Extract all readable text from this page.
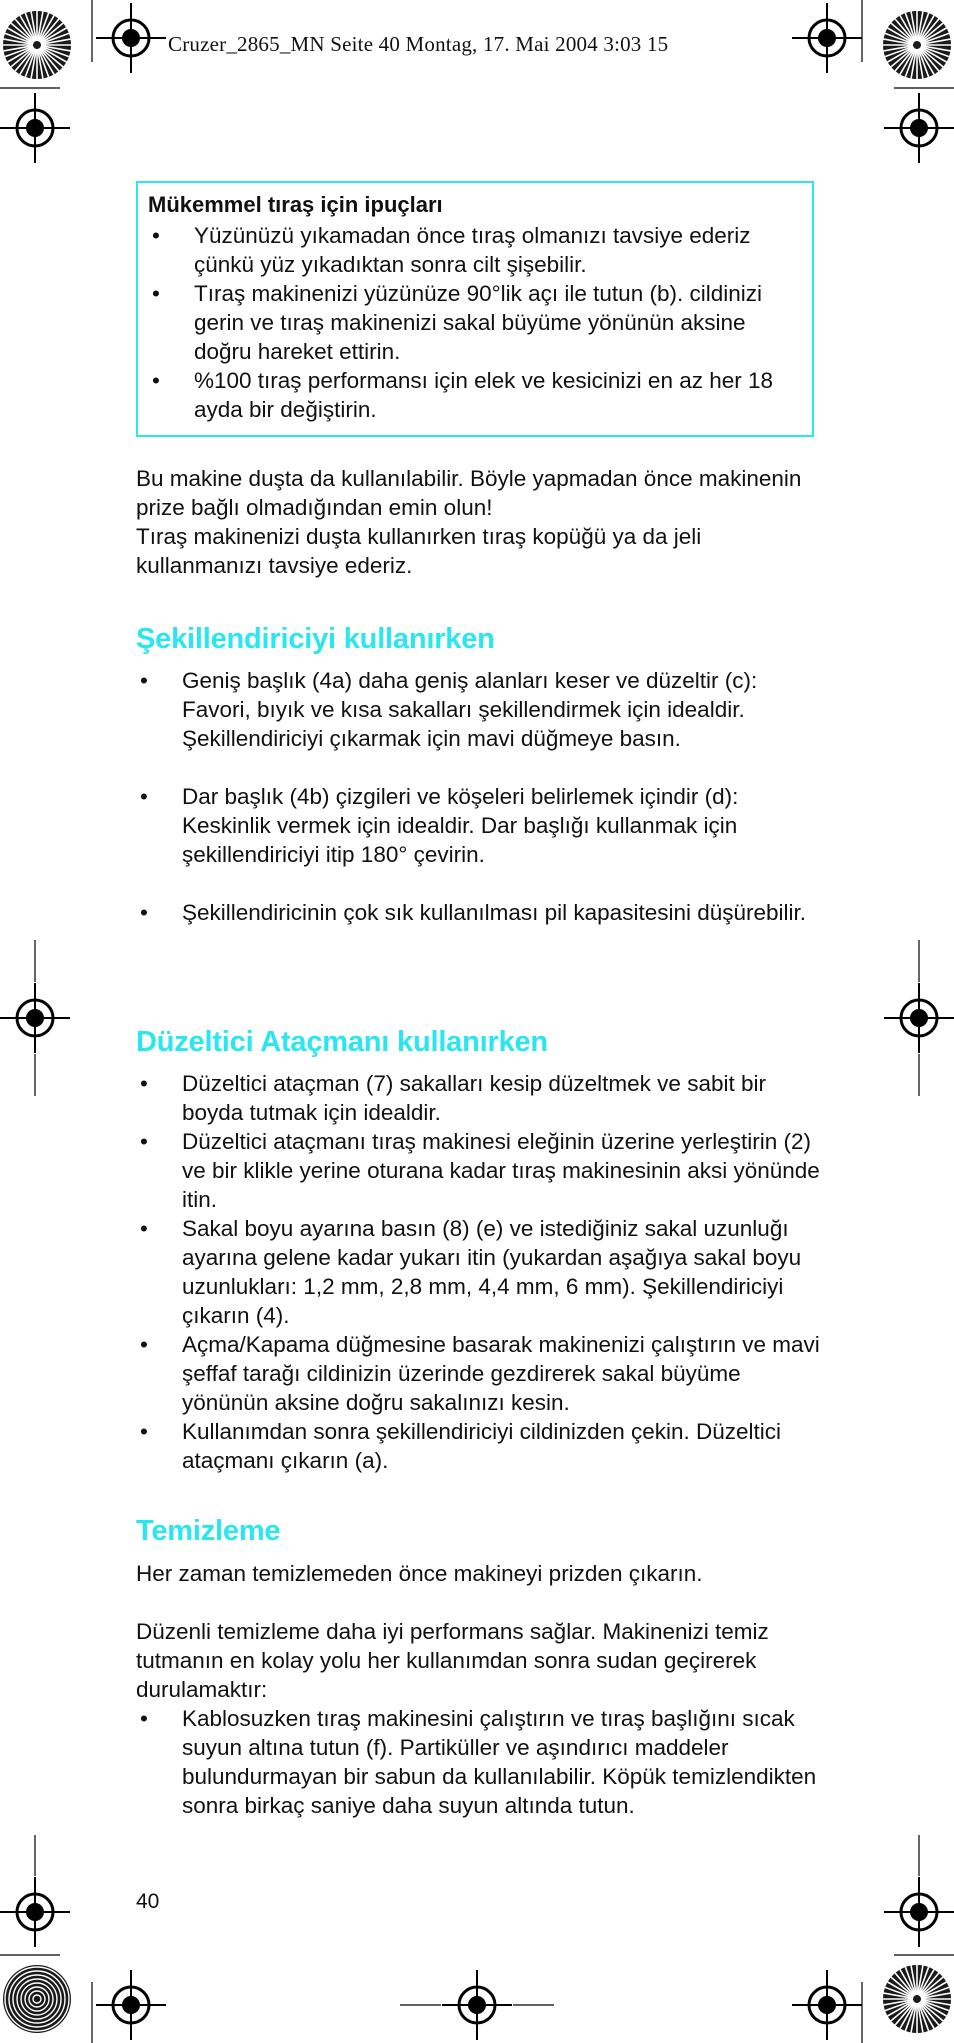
Cruzer_2865_MN Seite 40 Montag, 17. Mai 2004 3:03 15

Mükemmel tıraş için ipuçları

• Yüzünüzü yıkamadan önce tıraş olmanızı tavsiye ederiz çünkü yüz yıkadıktan sonra cilt şişebilir.
• Tıraş makinenizi yüzünüze 90°lik açı ile tutun (b). cildinizi gerin ve tıraş makinenizi sakal büyüme yönünün aksine doğru hareket ettirin.
• %100 tıraş performansı için elek ve kesicinizi en az her 18 ayda bir değiştirin.
Bu makine duşta da kullanılabilir. Böyle yapmadan önce makinenin prize bağlı olmadığından emin olun!
Tıraş makinenizi duşta kullanırken tıraş kopüğü ya da jeli kullanmanızı tavsiye ederiz.
Şekillendiriciyi kullanırken
• Geniş başlık (4a) daha geniş alanları keser ve düzeltir (c): Favori, bıyık ve kısa sakalları şekillendirmek için idealdir. Şekillendiriciyi çıkarmak için mavi düğmeye basın.
• Dar başlık (4b) çizgileri ve köşeleri belirlemek içindir (d): Keskinlik vermek için idealdir. Dar başlığı kullanmak için şekillendiriciyi itip 180° çevirin.
• Şekillendiricinin çok sık kullanılması pil kapasitesini düşürebilir.
Düzeltici Ataçmanı kullanırken
• Düzeltici ataçman (7) sakalları kesip düzeltmek ve sabit bir boyda tutmak için idealdir.
• Düzeltici ataçmanı tıraş makinesi eleğinin üzerine yerleştirin (2) ve bir klikle yerine oturana kadar tıraş makinesinin aksi yönünde itin.
• Sakal boyu ayarına basın (8) (e) ve istediğiniz sakal uzunluğı ayarına gelene kadar yukarı itin (yukardan aşağıya sakal boyu uzunlukları: 1,2 mm, 2,8 mm, 4,4 mm, 6 mm). Şekillendiriciyi çıkarın (4).
• Açma/Kapama düğmesine basarak makinenizi çalıştırın ve mavi şeffaf tarağı cildinizin üzerinde gezdirerek sakal büyüme yönünün aksine doğru sakalınızı kesin.
• Kullanımdan sonra şekillendiriciyi cildinizden çekin. Düzeltici ataçmanı çıkarın (a).
Temizleme

Her zaman temizlemeden önce makineyi prizden çıkarın.

Düzenli temizleme daha iyi performans sağlar. Makinenizi temiz tutmanın en kolay yolu her kullanımdan sonra sudan geçirerek durulamaktır:

• Kablosuzken tıraş makinesini çalıştırın ve tıraş başlığını sıcak suyun altına tutun (f). Partiküller ve aşındırıcı maddeler bulundurmayan bir sabun da kullanılabilir. Köpük temizlendikten sonra birkaç saniye daha suyun altında tutun.
40
